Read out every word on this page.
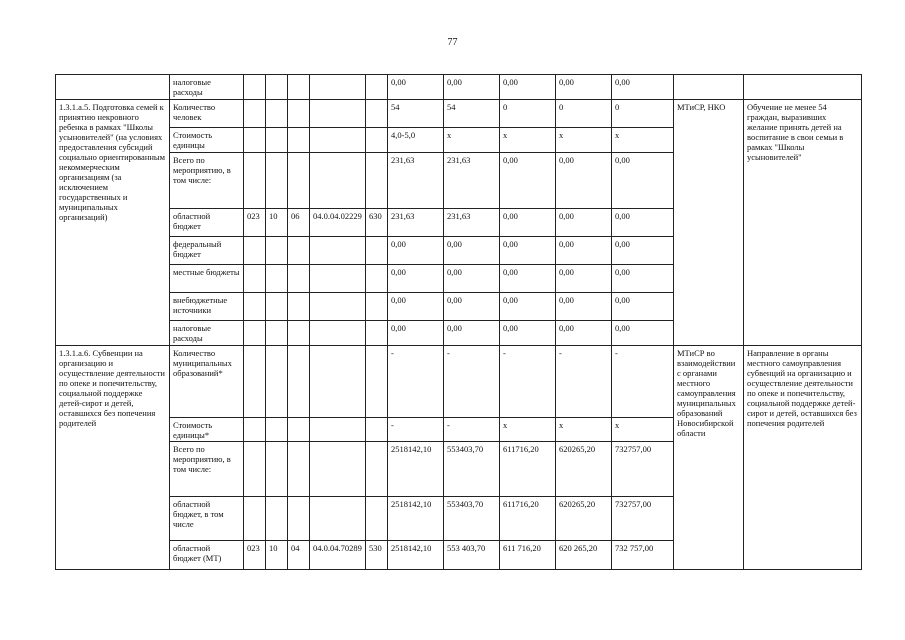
77
	налоговые расходы						0,00	0,00	0,00	0,00	0,00		
1.3.1.а.5. Подготовка семей к принятию некровного ребенка в рамках "Школы усыновителей" (на условиях предоставления субсидий социально ориентированным некоммерческим организациям (за исключением государственных и муниципальных организаций)	Количество человек						54	54	0	0	0	МТиСР, НКО	Обучение не менее 54 граждан, выразивших желание принять детей на воспитание в свои семьи в рамках "Школы усыновителей"
	Стоимость единицы						4,0-5,0	x	x	x	x		
	Всего по мероприятию, в том числе:						231,63	231,63	0,00	0,00	0,00		
	областной бюджет	023	10	06	04.0.04.02229	630	231,63	231,63	0,00	0,00	0,00		
	федеральный бюджет						0,00	0,00	0,00	0,00	0,00		
	местные бюджеты						0,00	0,00	0,00	0,00	0,00		
	внебюджетные источники						0,00	0,00	0,00	0,00	0,00		
	налоговые расходы						0,00	0,00	0,00	0,00	0,00		
1.3.1.а.6. Субвенции на организацию и осуществление деятельности по опеке и попечительству, социальной поддержке детей-сирот и детей, оставшихся без попечения родителей	Количество муниципальных образований*						-	-	-	-	-	МТиСР во взаимодействии с органами местного самоуправления муниципальных образований Новосибирской области	Направление в органы местного самоуправления субвенций на организацию и осуществление деятельности по опеке и попечительству, социальной поддержке детей-сирот и детей, оставшихся без попечения родителей
	Стоимость единицы*						-	-	x	x	x		
	Всего по мероприятию, в том числе:						2518142,10	553403,70	611716,20	620265,20	732757,00		
	областной бюджет, в том числе						2518142,10	553403,70	611716,20	620265,20	732757,00		
	областной бюджет (МТ)	023	10	04	04.0.04.70289	530	2518142,10	553 403,70	611 716,20	620 265,20	732 757,00		
